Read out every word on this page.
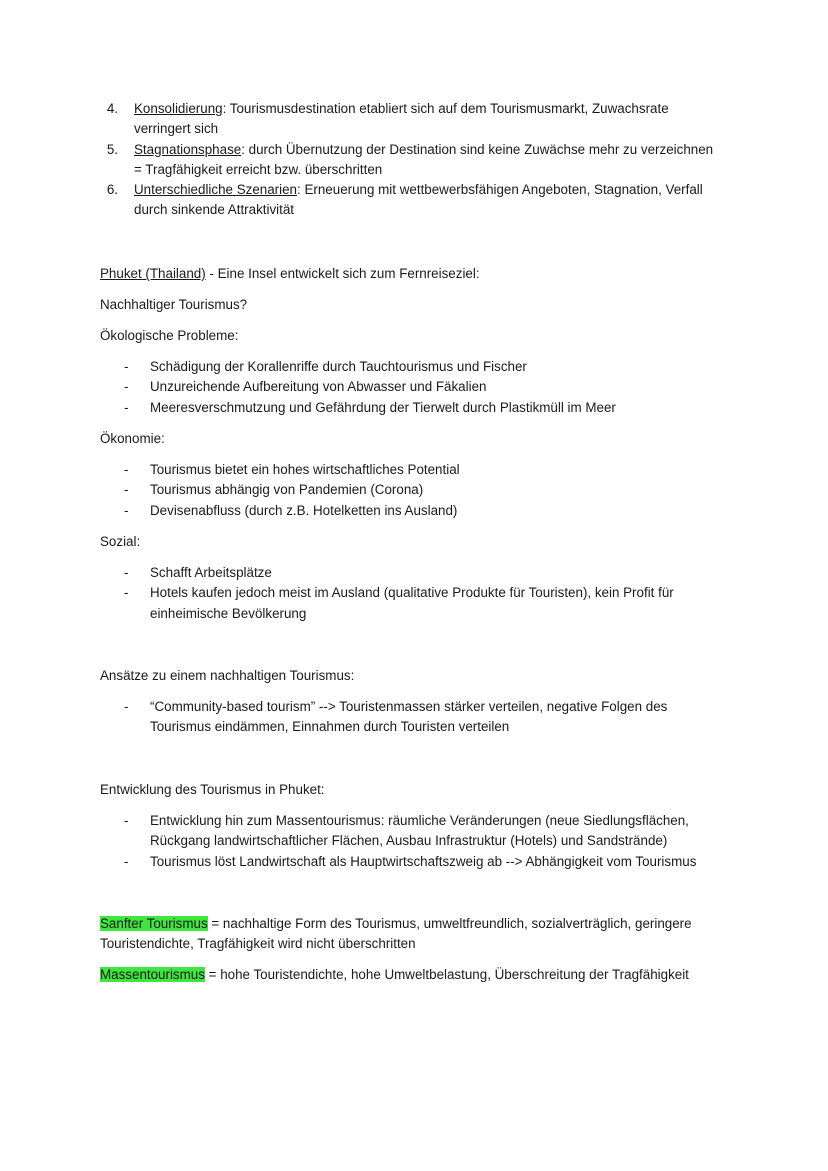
4.	Konsolidierung: Tourismusdestination etabliert sich auf dem Tourismusmarkt, Zuwachsrate verringert sich
5.	Stagnationsphase: durch Übernutzung der Destination sind keine Zuwächse mehr zu verzeichnen = Tragfähigkeit erreicht bzw. überschritten
6.	Unterschiedliche Szenarien: Erneuerung mit wettbewerbsfähigen Angeboten, Stagnation, Verfall durch sinkende Attraktivität

Phuket (Thailand) - Eine Insel entwickelt sich zum Fernreiseziel:

Nachhaltiger Tourismus?

Ökologische Probleme:

-	Schädigung der Korallenriffe durch Tauchtourismus und Fischer
-	Unzureichende Aufbereitung von Abwasser und Fäkalien
-	Meeresverschmutzung und Gefährdung der Tierwelt durch Plastikmüll im Meer

Ökonomie:

-	Tourismus bietet ein hohes wirtschaftliches Potential
-	Tourismus abhängig von Pandemien (Corona)
-	Devisenabfluss (durch z.B. Hotelketten ins Ausland)

Sozial:

-	Schafft Arbeitsplätze
-	Hotels kaufen jedoch meist im Ausland (qualitative Produkte für Touristen), kein Profit für einheimische Bevölkerung

Ansätze zu einem nachhaltigen Tourismus:

-	“Community-based tourism” --> Touristenmassen stärker verteilen, negative Folgen des Tourismus eindämmen, Einnahmen durch Touristen verteilen

Entwicklung des Tourismus in Phuket:

-	Entwicklung hin zum Massentourismus: räumliche Veränderungen (neue Siedlungsflächen, Rückgang landwirtschaftlicher Flächen, Ausbau Infrastruktur (Hotels) und Sandstrände)
-	Tourismus löst Landwirtschaft als Hauptwirtschaftszweig ab --> Abhängigkeit vom Tourismus

Sanfter Tourismus = nachhaltige Form des Tourismus, umweltfreundlich, sozialverträglich, geringere Touristendichte, Tragfähigkeit wird nicht überschritten

Massentourismus = hohe Touristendichte, hohe Umweltbelastung, Überschreitung der Tragfähigkeit
